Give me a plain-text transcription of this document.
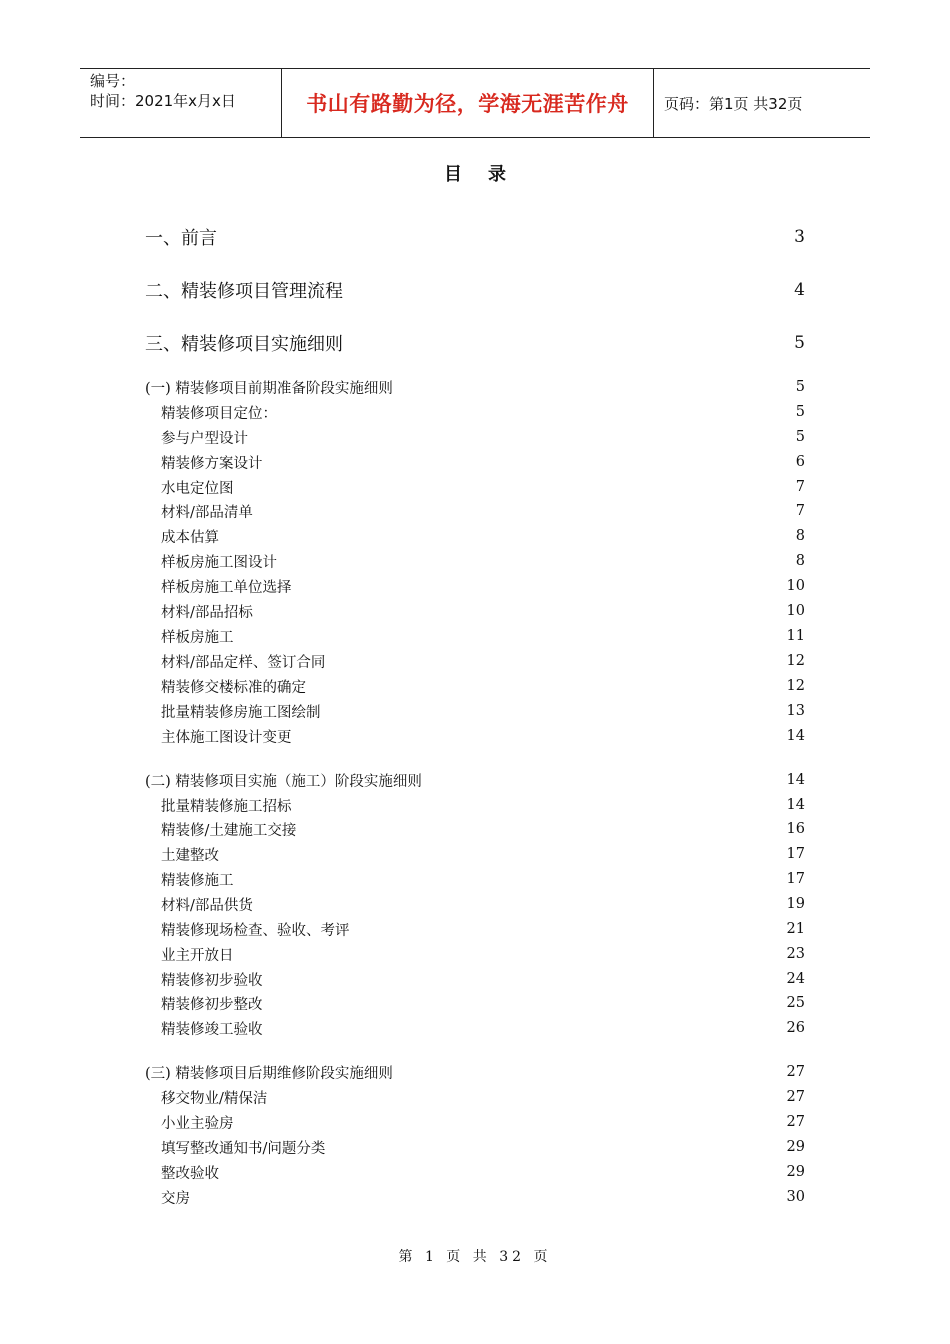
编号：
时间：2021年x月x日	书山有路勤为径，学海无涯苦作舟	页码：第1页 共32页
目录
一、前言	3
二、精装修项目管理流程	4
三、精装修项目实施细则	5
(一) 精装修项目前期准备阶段实施细则	5
精装修项目定位：	5
参与户型设计	5
精装修方案设计	6
水电定位图	7
材料/部品清单	7
成本估算	8
样板房施工图设计	8
样板房施工单位选择	10
材料/部品招标	10
样板房施工	11
材料/部品定样、签订合同	12
精装修交楼标准的确定	12
批量精装修房施工图绘制	13
主体施工图设计变更	14
(二) 精装修项目实施（施工）阶段实施细则	14
批量精装修施工招标	14
精装修/土建施工交接	16
土建整改	17
精装修施工	17
材料/部品供货	19
精装修现场检查、验收、考评	21
业主开放日	23
精装修初步验收	24
精装修初步整改	25
精装修竣工验收	26
(三) 精装修项目后期维修阶段实施细则	27
移交物业/精保洁	27
小业主验房	27
填写整改通知书/问题分类	29
整改验收	29
交房	30
第 1 页 共 32 页
